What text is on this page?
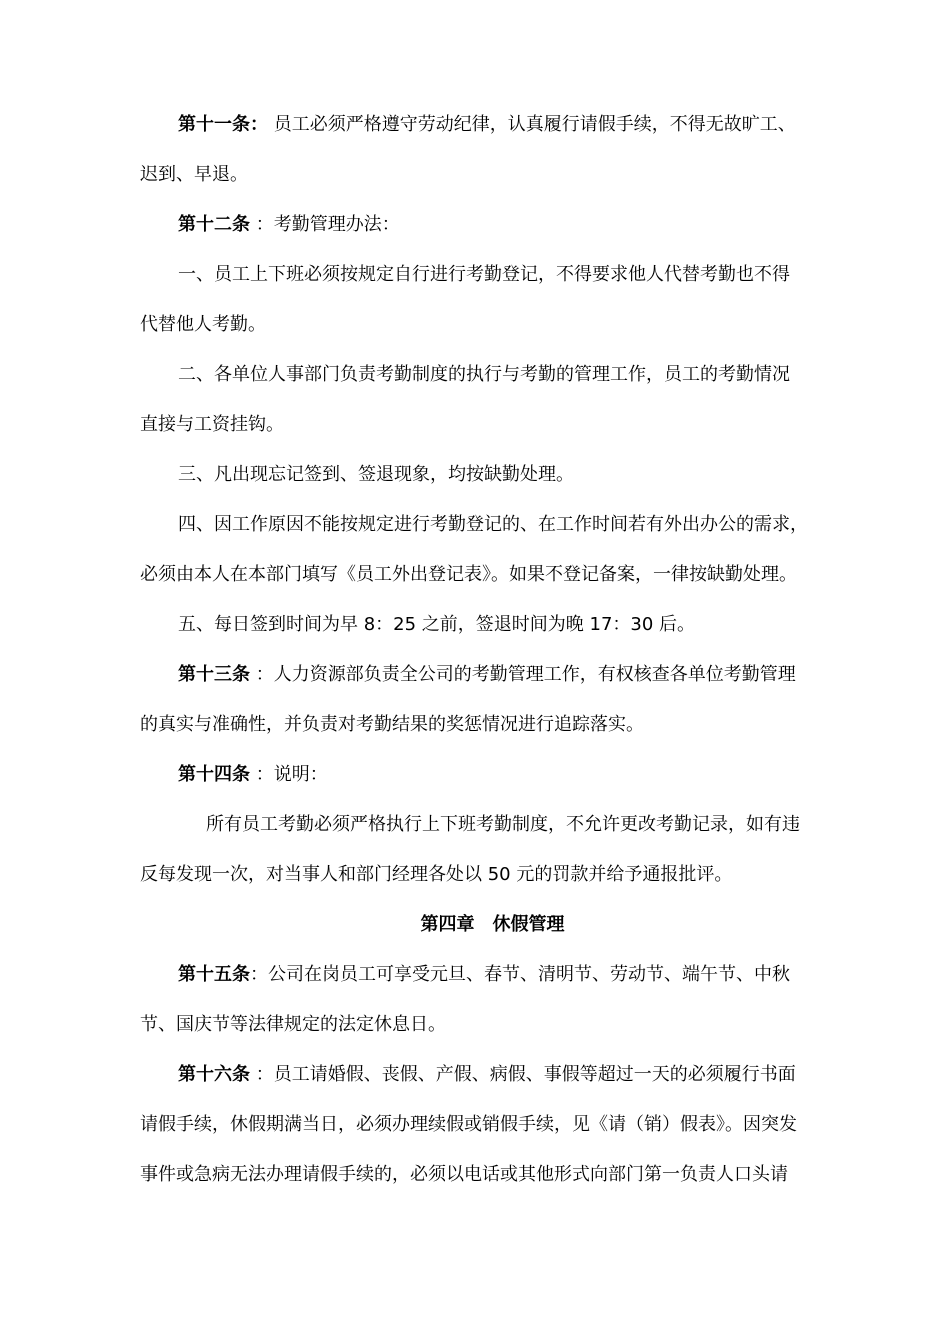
第十一条： 员工必须严格遵守劳动纪律，认真履行请假手续，不得无故旷工、
迟到、早退。
第十二条 ：考勤管理办法：
一、员工上下班必须按规定自行进行考勤登记，不得要求他人代替考勤也不得
代替他人考勤。
二、各单位人事部门负责考勤制度的执行与考勤的管理工作，员工的考勤情况
直接与工资挂钩。
三、凡出现忘记签到、签退现象，均按缺勤处理。
四、因工作原因不能按规定进行考勤登记的、在工作时间若有外出办公的需求，
必须由本人在本部门填写《员工外出登记表》。如果不登记备案，一律按缺勤处理。
五、每日签到时间为早 8：25 之前，签退时间为晚 17：30 后。
第十三条 ：人力资源部负责全公司的考勤管理工作，有权核查各单位考勤管理
的真实与准确性，并负责对考勤结果的奖惩情况进行追踪落实。
第十四条 ：说明：
所有员工考勤必须严格执行上下班考勤制度，不允许更改考勤记录，如有违
反每发现一次，对当事人和部门经理各处以 50 元的罚款并给予通报批评。
第四章　休假管理
第十五条：公司在岗员工可享受元旦、春节、清明节、劳动节、端午节、中秋
节、国庆节等法律规定的法定休息日。
第十六条 ：员工请婚假、丧假、产假、病假、事假等超过一天的必须履行书面
请假手续，休假期满当日，必须办理续假或销假手续，见《请（销）假表》。因突发
事件或急病无法办理请假手续的，必须以电话或其他形式向部门第一负责人口头请
